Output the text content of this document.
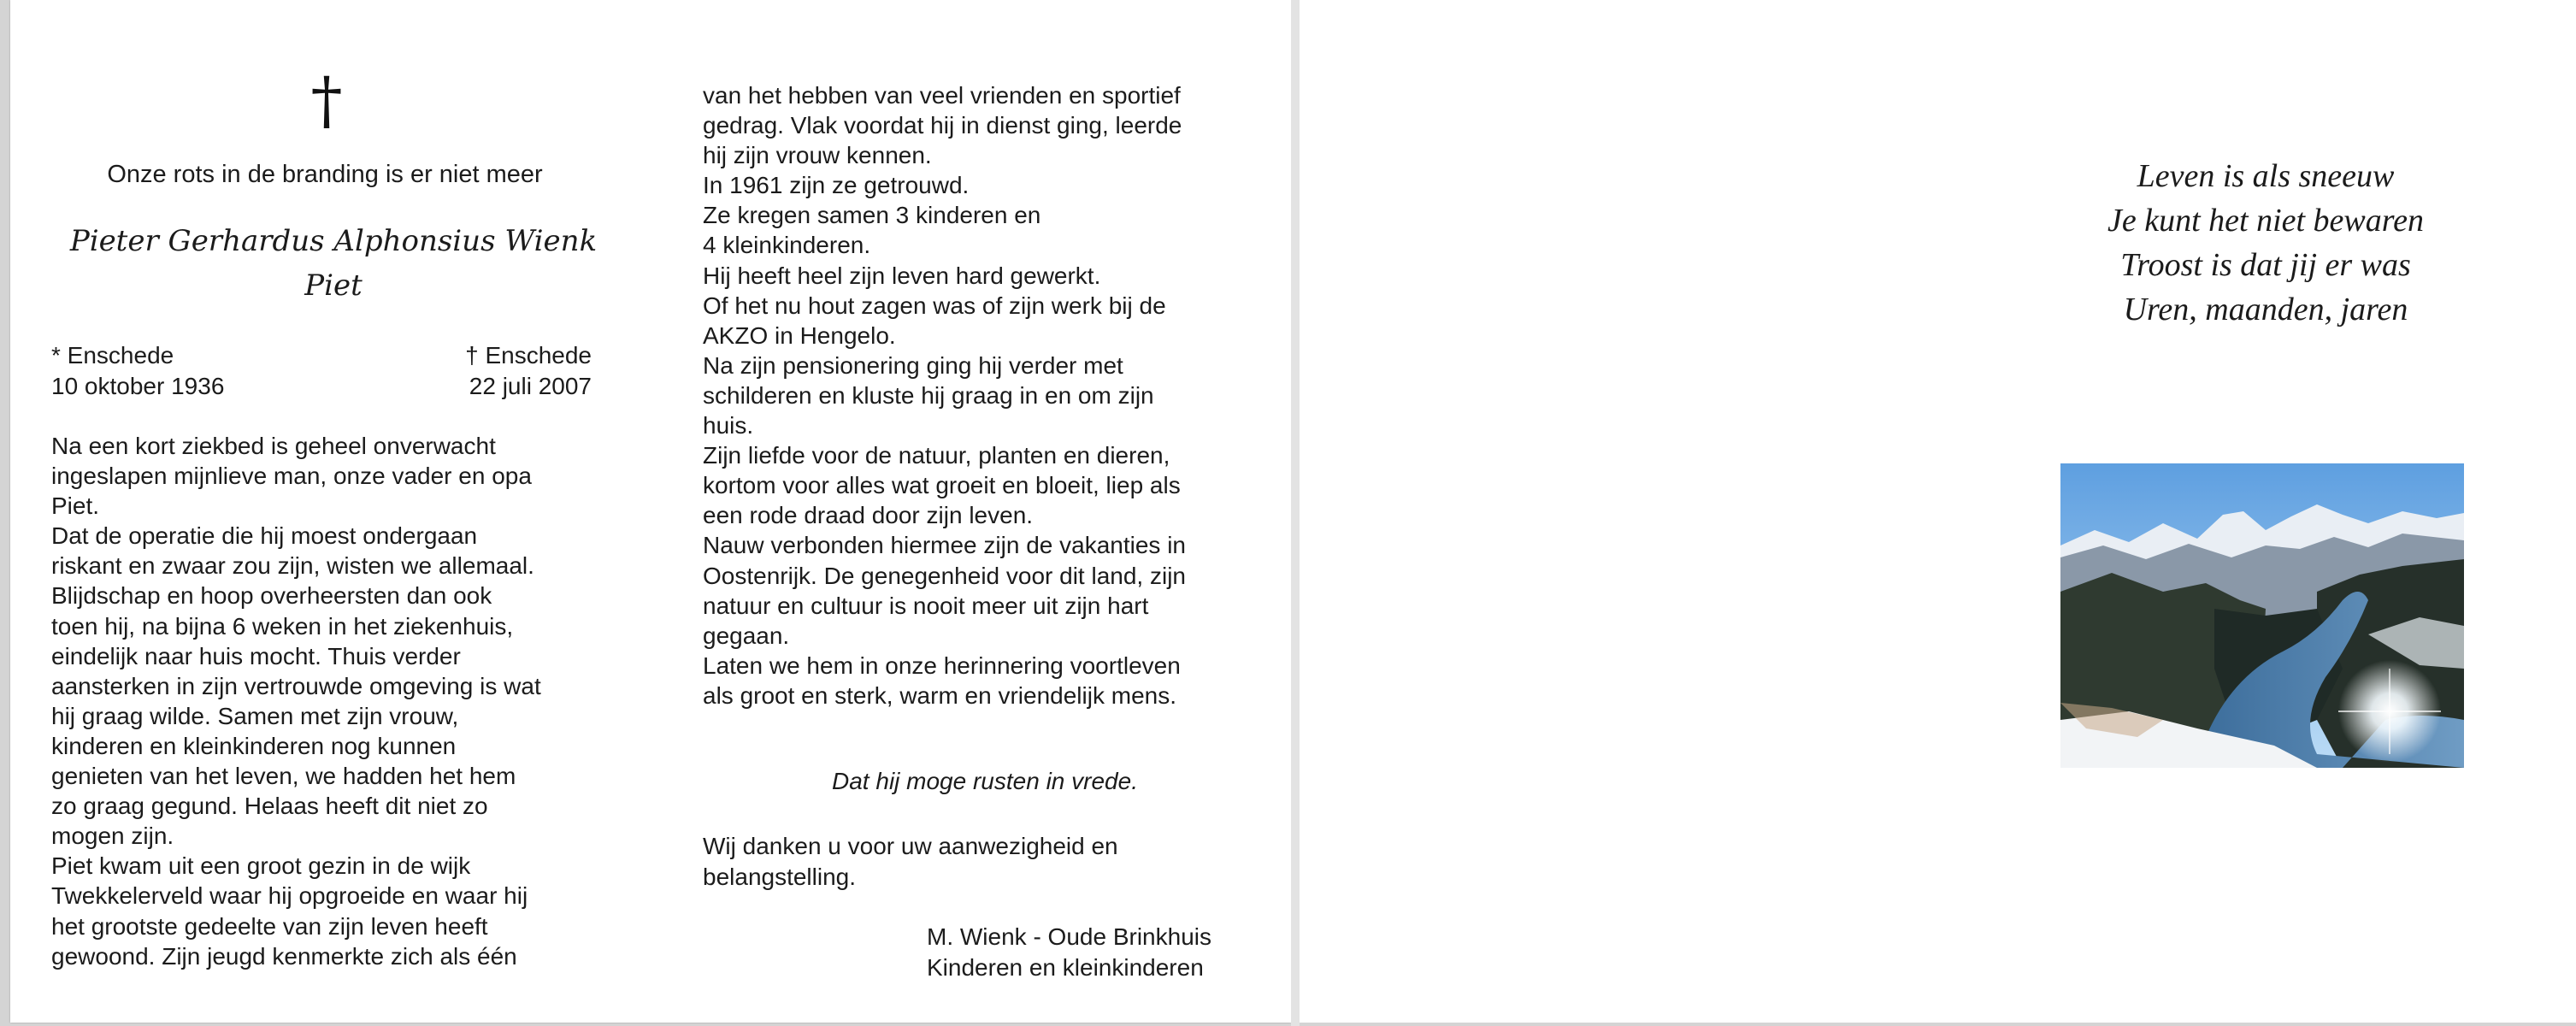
†
Onze rots in de branding is er niet meer
Pieter Gerhardus Alphonsius Wienk
Piet
* Enschede
10 oktober 1936
† Enschede
22 juli 2007
Na een kort ziekbed is geheel onverwacht
ingeslapen mijnlieve man, onze vader en opa
Piet.
Dat de operatie die hij moest ondergaan
riskant en zwaar zou zijn, wisten we allemaal.
Blijdschap en hoop overheersten dan ook
toen hij, na bijna 6 weken in het ziekenhuis,
eindelijk naar huis mocht. Thuis verder
aansterken in zijn vertrouwde omgeving is wat
hij graag wilde. Samen met zijn vrouw,
kinderen en kleinkinderen nog kunnen
genieten van het leven, we hadden het hem
zo graag gegund. Helaas heeft dit niet zo
mogen zijn.
Piet kwam uit een groot gezin in de wijk
Twekkelerveld waar hij opgroeide en waar hij
het grootste gedeelte van zijn leven heeft
gewoond. Zijn jeugd kenmerkte zich als één
van het hebben van veel vrienden en sportief
gedrag. Vlak voordat hij in dienst ging, leerde
hij zijn vrouw kennen.
In 1961 zijn ze getrouwd.
Ze kregen samen 3 kinderen en
4 kleinkinderen.
Hij heeft heel zijn leven hard gewerkt.
Of het nu hout zagen was of zijn werk bij de
AKZO in Hengelo.
Na zijn pensionering ging hij verder met
schilderen en kluste hij graag in en om zijn
huis.
Zijn liefde voor de natuur, planten en dieren,
kortom voor alles wat groeit en bloeit, liep als
een rode draad door zijn leven.
Nauw verbonden hiermee zijn de vakanties in
Oostenrijk. De genegenheid voor dit land, zijn
natuur en cultuur is nooit meer uit zijn hart
gegaan.
Laten we hem in onze herinnering voortleven
als groot en sterk, warm en vriendelijk mens.
Dat hij moge rusten in vrede.
Wij danken u voor uw aanwezigheid en
belangstelling.
M. Wienk - Oude Brinkhuis
Kinderen en kleinkinderen
Leven is als sneeuw
Je kunt het niet bewaren
Troost is dat jij er was
Uren, maanden, jaren
